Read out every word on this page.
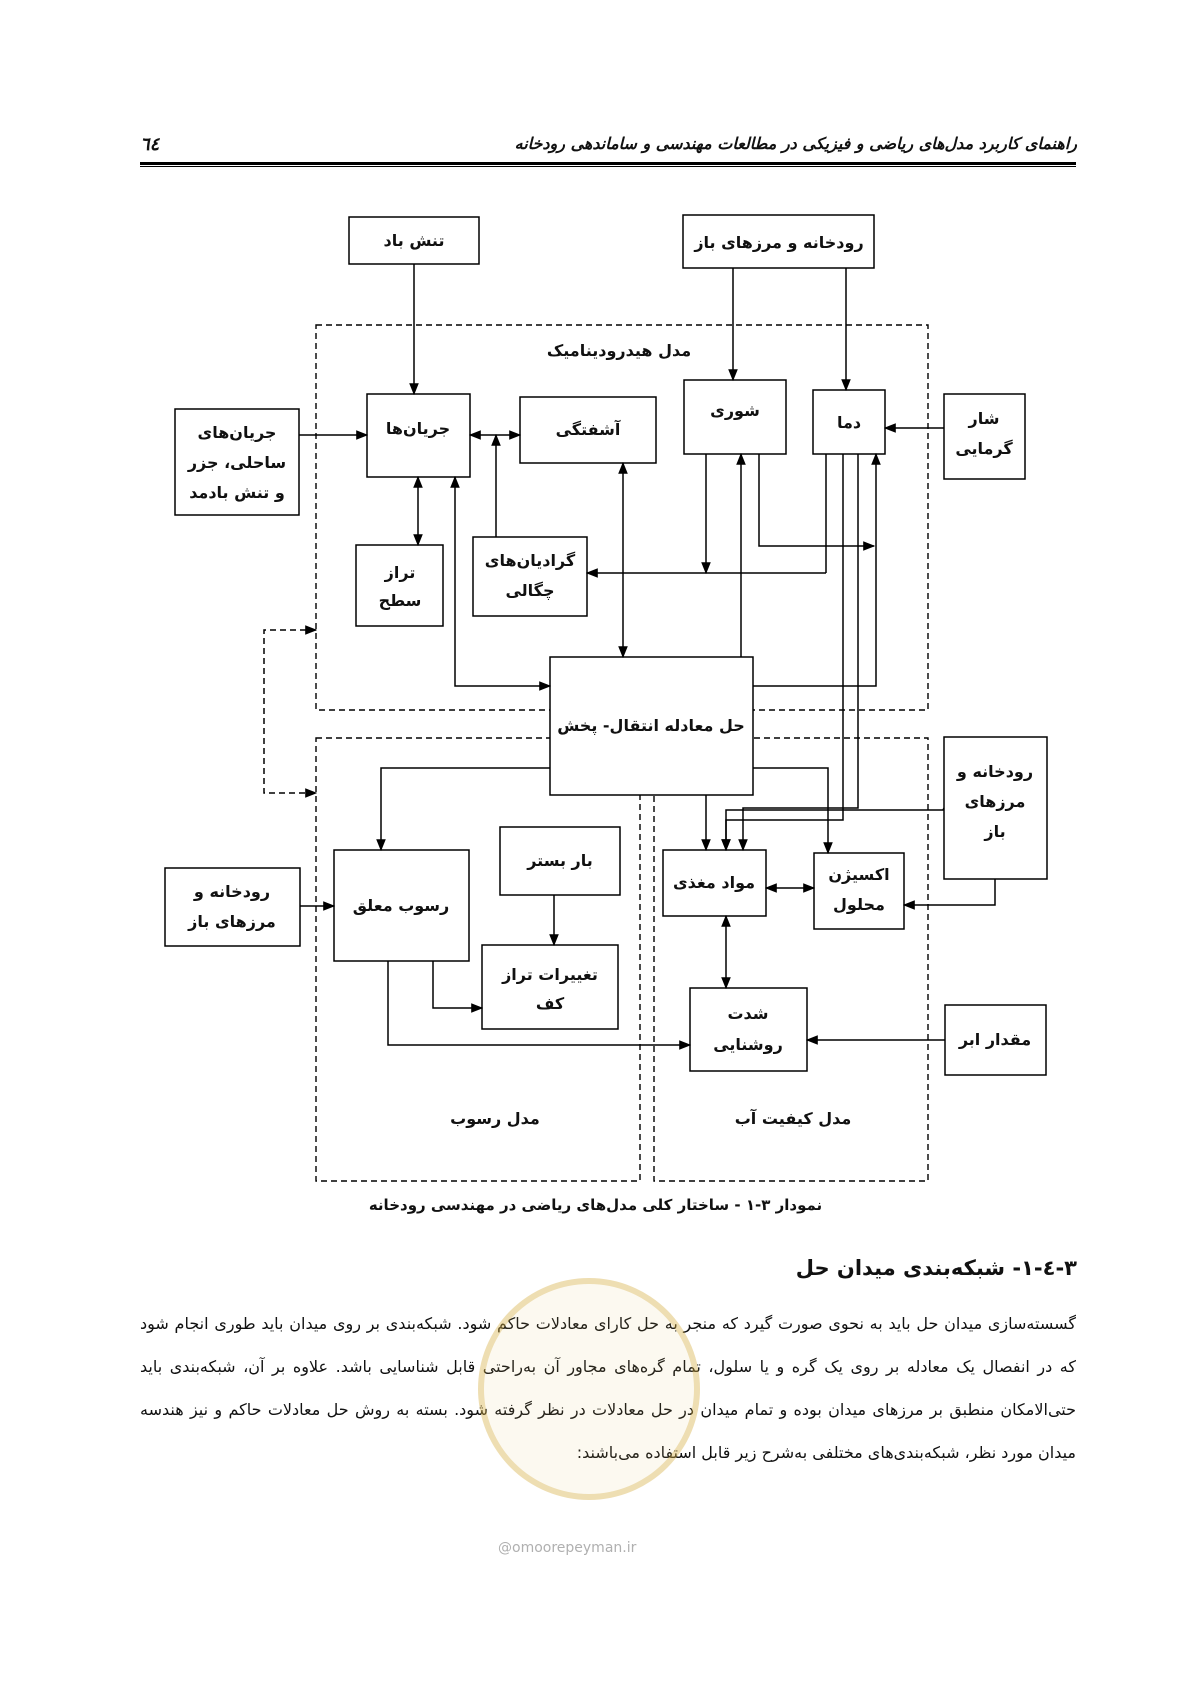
راهنمای کاربرد مدل‌های ریاضی و فیزیکی در مطالعات مهندسی و ساماندهی رودخانه
٦٤
تنش باد	رودخانه و مرزهای باز
مدل هیدرودینامیک
جریان‌های
ساحلی، جزر
و تنش بادمد
جریان‌ها	آشفتگی
شوری
دما	شار
گرمایی
تراز
سطح
گرادیان‌های
چگالی
حل معادله انتقال- پخش
رودخانه و
مرزهای
باز
رودخانه و
مرزهای باز
رسوب معلق
بار بستر
تغییرات تراز
کف
مواد مغذی	اکسیژن
محلول
شدت
روشنایی	مقدار ابر
مدل رسوب	مدل کیفیت آب
نمودار ۳-۱ - ساختار کلی مدل‌های ریاضی در مهندسی رودخانه
۳-٤-۱- شبکه‌بندی میدان حل
گسسته‌سازی میدان حل باید به نحوی صورت گیرد که منجر به حل کارای معادلات حاکم شود. شبکه‌بندی بر روی میدان باید طوری انجام شود که در انفصال یک معادله بر روی یک گره و یا سلول، تمام گره‌های مجاور آن به‌راحتی قابل شناسایی باشد. علاوه بر آن، شبکه‌بندی باید حتی‌الامکان منطبق بر مرزهای میدان بوده و تمام میدان در حل معادلات در نظر گرفته شود. بسته به روش حل معادلات حاکم و نیز هندسه میدان مورد نظر، شبکه‌بندی‌های مختلفی به‌شرح زیر قابل استفاده می‌باشند:
@omoorepeyman.ir
